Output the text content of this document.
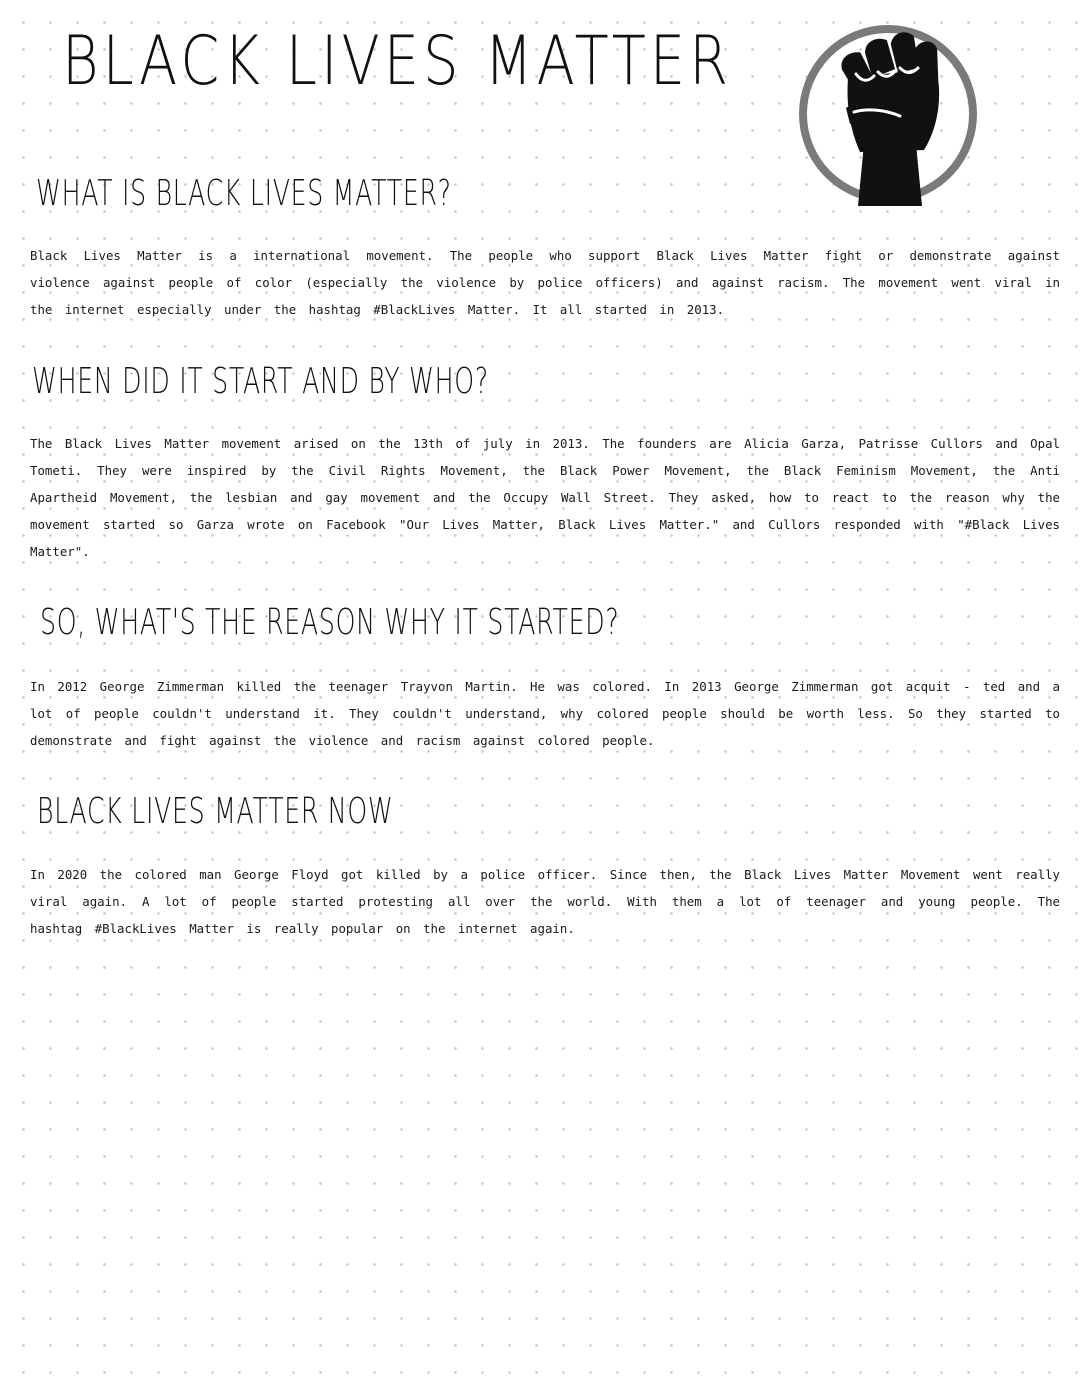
BLACK LIVES MATTER
WHAT IS BLACK LIVES MATTER?

Black Lives Matter is a international movement. The people who support Black Lives Matter fight or demonstrate against violence against people of color (especially the violence by police officers) and against racism. The movement went viral in the internet especially under the hashtag #BlackLives Matter. It all started in 2013.

WHEN DID IT START AND BY WHO?

The Black Lives Matter movement arised on the 13th of july in 2013. The founders are Alicia Garza, Patrisse Cullors and Opal Tometi. They were inspired by the Civil Rights Movement, the Black Power Movement, the Black Feminism Movement, the Anti Apartheid Movement, the lesbian and gay movement and the Occupy Wall Street. They asked, how to react to the reason why the movement started so Garza wrote on Facebook "Our Lives Matter, Black Lives Matter." and Cullors responded with "#Black Lives Matter".

SO, WHAT'S THE REASON WHY IT STARTED?

In 2012 George Zimmerman killed the teenager Trayvon Martin. He was colored. In 2013 George Zimmerman got acquit - ted and a lot of people couldn't understand it. They couldn't understand, why colored people should be worth less. So they started to demonstrate and fight against the violence and racism against colored people.

BLACK LIVES MATTER NOW

In 2020 the colored man George Floyd got killed by a police officer. Since then, the Black Lives Matter Movement went really viral again. A lot of people started protesting all over the world. With them a lot of teenager and young people. The hashtag #BlackLives Matter is really popular on the internet again.
